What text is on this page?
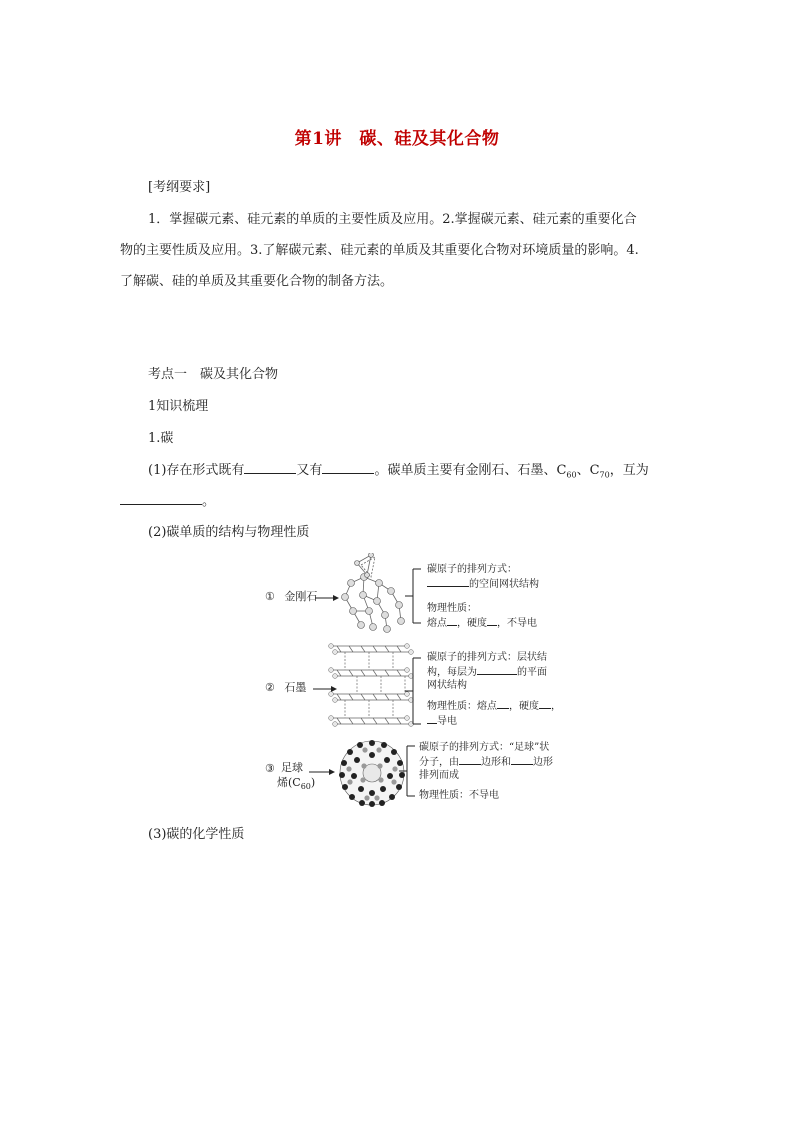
第1讲　碳、硅及其化合物
[考纲要求]
1．掌握碳元素、硅元素的单质的主要性质及应用。2.掌握碳元素、硅元素的重要化合
物的主要性质及应用。3.了解碳元素、硅元素的单质及其重要化合物对环境质量的影响。4.
了解碳、硅的单质及其重要化合物的制备方法。
考点一　碳及其化合物
1知识梳理
1.碳
(1)存在形式既有	又有	。碳单质主要有金刚石、石墨、$C_{60}$、$C_{70}$，互为
。
(2)碳单质的结构与物理性质
① 金刚石
碳原子的排列方式：
的空间网状结构
物理性质：
熔点 ，硬度 ，不导电
② 石墨
碳原子的排列方式：层状结
构，每层为	的平面
网状结构
物理性质：熔点 ，硬度 ，
导电
③ 足球
烯$(C_{60})$
碳原子的排列方式：“足球”状
分子，由 边形和 边形
排列而成
物理性质：不导电
(3)碳的化学性质
